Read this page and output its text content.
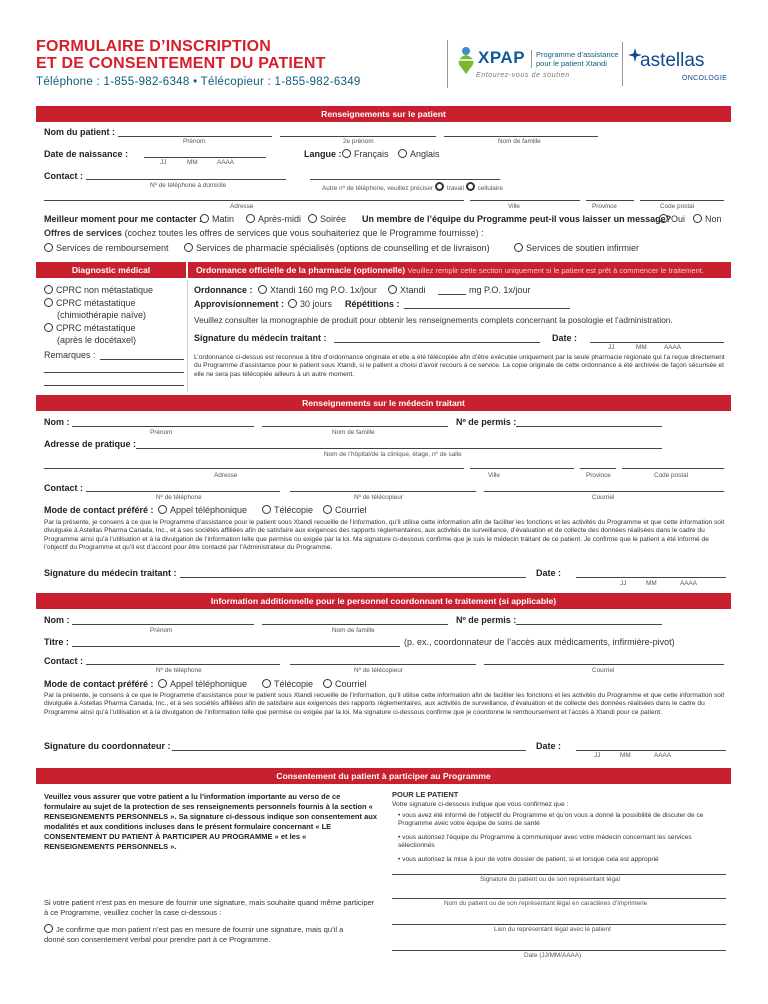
FORMULAIRE D’INSCRIPTION
ET DE CONSENTEMENT DU PATIENT
Téléphone : 1-855-982-6348 • Télécopieur : 1-855-982-6349
XPAP Programme d’assistance
pour le patient Xtandi
Entourez-vous de soutien
astellas
ONCOLOGIE
Renseignements sur le patient
Nom du patient :
Prénom	2e prénom	Nom de famille
Date de naissance :
JJ	MM	AAAA
Langue :	Français	Anglais
Contact :
Nº de téléphone à domicile	Autre nº de téléphone, veuillez préciser travail cellulaire
Adresse	Ville	Province	Code postal
Meilleur moment pour me contacter :	Matin	Après-midi	Soirée Un membre de l’équipe du Programme peut-il vous laisser un message? Oui	Non
Offres de services (cochez toutes les offres de services que vous souhaiteriez que le Programme fournisse) :
Services de remboursement	Services de pharmacie spécialisés (options de counselling et de livraison)	Services de soutien infirmier
Diagnostic médical	Ordonnance officielle de la pharmacie (optionnelle) Veuillez remplir cette section uniquement si le patient est prêt à commencer le traitement.
CPRC non métastatique
CPRC métastatique
(chimiothérapie naïve)
CPRC métastatique
(après le docétaxel)
Remarques :
Ordonnance :	Xtandi 160 mg P.O. 1x/jour	Xtandi	mg P.O. 1x/jour
Approvisionnement :	30 jours Répétitions :
Veuillez consulter la monographie de produit pour obtenir les renseignements complets concernant la posologie et l’administration.
Signature du médecin traitant :	Date :
JJ	MM	AAAA
L’ordonnance ci-dessus est reconnue à titre d’ordonnance originale et elle a été télécopiée afin d’être exécutée uniquement par la seule pharmacie régionale qui l’a reçue directement du Programme d’assistance pour le patient sous Xtandi, si le patient a choisi d’avoir recours à ce service. La copie originale de cette ordonnance a été archivée de façon sécurisée et elle ne sera pas télécopiée ailleurs à un autre moment.
Renseignements sur le médecin traitant
Nom :
Prénom	Nom de famille
Nº de permis :
Adresse de pratique :
Nom de l’hôpital/de la clinique, étage, nº de salle
Adresse	Ville	Province	Code postal
Contact :
Nº de téléphone	Nº de télécopieur	Courriel
Mode de contact préféré :	Appel téléphonique	Télécopie	Courriel
Par la présente, je consens à ce que le Programme d’assistance pour le patient sous Xtandi recueille de l’information, qu’il utilise cette information afin de faciliter les fonctions et les activités du Programme et que cette information soit divulguée à Astellas Pharma Canada, Inc., et à ses sociétés affiliées afin de satisfaire aux exigences des rapports réglementaires, aux activités de surveillance, d’évaluation et de collecte des données réalisées dans le cadre du Programme ainsi qu’à l’utilisation et à la divulgation de l’information telle que permise ou exigée par la loi. Ma signature ci-dessous confirme que je suis le médecin traitant de ce patient. Je confirme que le patient a été informé de l’objectif du Programme et qu’il est d’accord pour être contacté par l’Administrateur du Programme.
Signature du médecin traitant :	Date :
JJ	MM	AAAA
Information additionnelle pour le personnel coordonnant le traitement (si applicable)
Nom :
Prénom	Nom de famille
Nº de permis :
Titre :	(p. ex., coordonnateur de l’accès aux médicaments, infirmière-pivot)
Contact :
Nº de téléphone	Nº de télécopieur	Courriel
Mode de contact préféré :	Appel téléphonique	Télécopie	Courriel
Par la présente, je consens à ce que le Programme d’assistance pour le patient sous Xtandi recueille de l’information, qu’il utilise cette information afin de faciliter les fonctions et les activités du Programme et que cette information soit divulguée à Astellas Pharma Canada, Inc., et à ses sociétés affiliées afin de satisfaire aux exigences des rapports réglementaires, aux activités de surveillance, d’évaluation et de collecte des données réalisées dans le cadre du Programme ainsi qu’à l’utilisation et à la divulgation de l’information telle que permise ou exigée par la loi. Ma signature ci-dessous confirme que je coordonne le remboursement et l’accès à Xtandi pour ce patient.
Signature du coordonnateur :	Date :
JJ	MM	AAAA
Consentement du patient à participer au Programme
Veuillez vous assurer que votre patient a lu l’information importante au verso de ce formulaire au sujet de la protection de ses renseignements personnels fournis à la section « RENSEIGNEMENTS PERSONNELS ». Sa signature ci-dessous indique son consentement aux modalités et aux conditions incluses dans le présent formulaire concernant « LE CONSENTEMENT DU PATIENT À PARTICIPER AU PROGRAMME » et les « RENSEIGNEMENTS PERSONNELS ».
Si votre patient n’est pas en mesure de fournir une signature, mais souhaite quand même participer à ce Programme, veuillez cocher la case ci-dessous :
Je confirme que mon patient n’est pas en mesure de fournir une signature, mais qu’il a donné son consentement verbal pour prendre part à ce Programme.
POUR LE PATIENT
Votre signature ci-dessous indique que vous confirmez que :
• vous avez été informé de l’objectif du Programme et qu’on vous a donné la possibilité de discuter de ce Programme avec votre équipe de soins de santé
• vous autorisez l’équipe du Programme à communiquer avec votre médecin concernant les services sélectionnés
• vous autorisez la mise à jour de votre dossier de patient, si et lorsque cela est approprié
Signature du patient ou de son représentant légal
Nom du patient ou de son représentant légal en caractères d’imprimerie
Lien du représentant légal avec le patient
Date (JJ/MM/AAAA)
